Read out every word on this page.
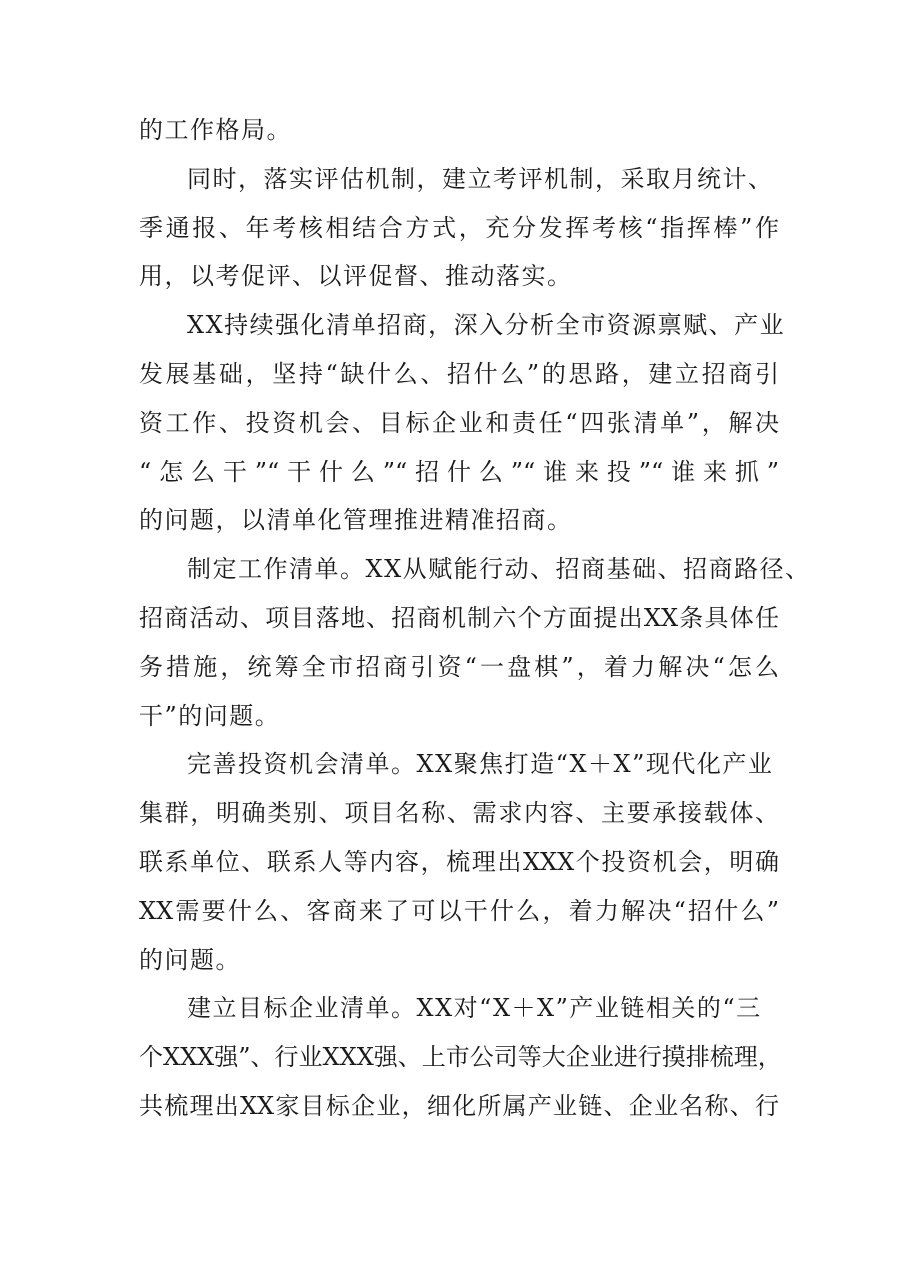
的工作格局。
同时，落实评估机制，建立考评机制，采取月统计、
季通报、年考核相结合方式，充分发挥考核“指挥棒”作
用，以考促评、以评促督、推动落实。
XX持续强化清单招商，深入分析全市资源禀赋、产业
发展基础，坚持“缺什么、招什么”的思路，建立招商引
资工作、投资机会、目标企业和责任“四张清单”，解决
“怎么干”“干什么”“招什么”“谁来投”“谁来抓”
的问题，以清单化管理推进精准招商。
制定工作清单。XX从赋能行动、招商基础、招商路径、
招商活动、项目落地、招商机制六个方面提出XX条具体任
务措施，统筹全市招商引资“一盘棋”，着力解决“怎么
干”的问题。
完善投资机会清单。XX聚焦打造“X＋X”现代化产业
集群，明确类别、项目名称、需求内容、主要承接载体、
联系单位、联系人等内容，梳理出XXX个投资机会，明确
XX需要什么、客商来了可以干什么，着力解决“招什么”
的问题。
建立目标企业清单。XX对“X＋X”产业链相关的“三
个XXX强”、行业XXX强、上市公司等大企业进行摸排梳理，
共梳理出XX家目标企业，细化所属产业链、企业名称、行
